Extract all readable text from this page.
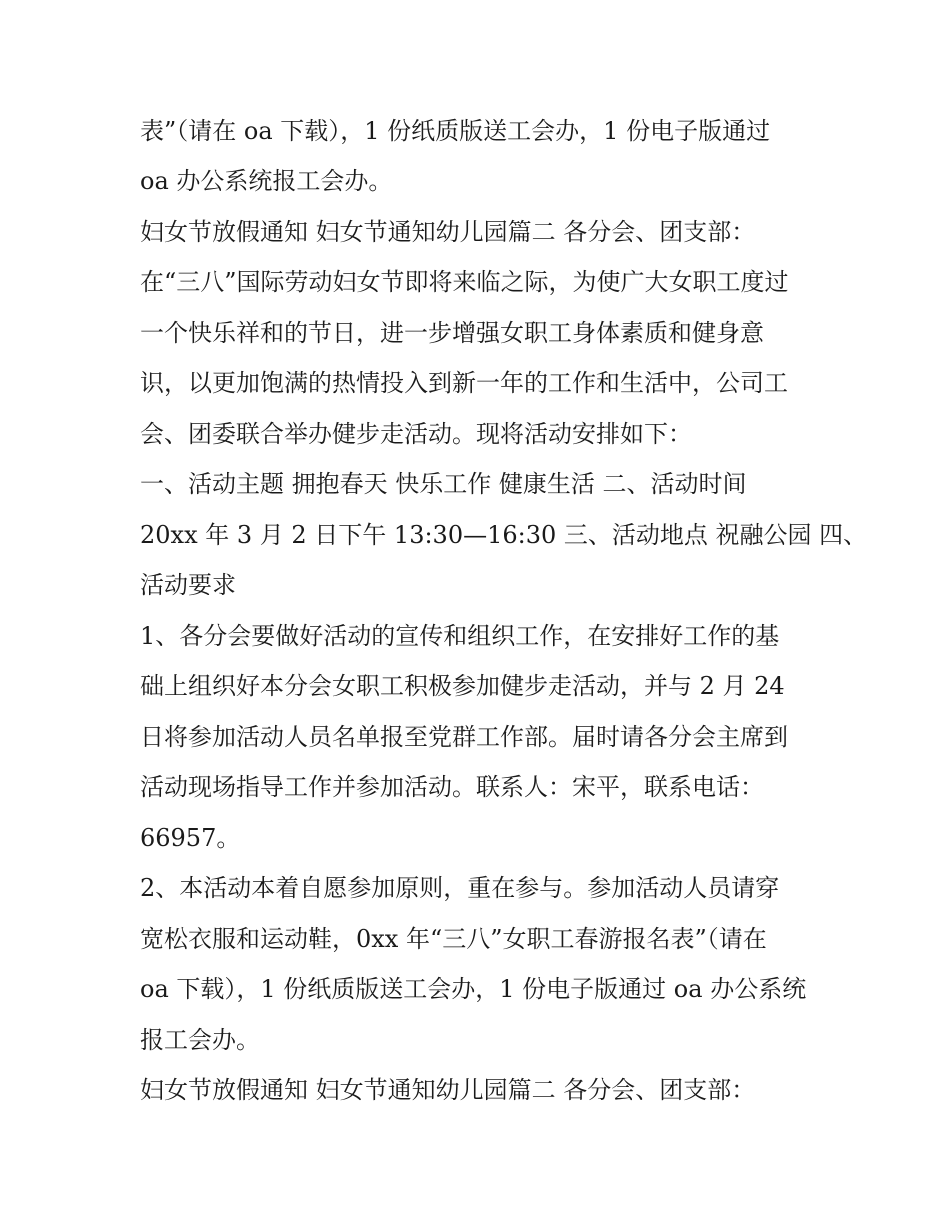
表”（请在 oa 下载），1 份纸质版送工会办，1 份电子版通过
oa 办公系统报工会办。
妇女节放假通知 妇女节通知幼儿园篇二 各分会、团支部：
在“三八”国际劳动妇女节即将来临之际，为使广大女职工度过
一个快乐祥和的节日，进一步增强女职工身体素质和健身意
识，以更加饱满的热情投入到新一年的工作和生活中，公司工
会、团委联合举办健步走活动。现将活动安排如下：
一、活动主题 拥抱春天 快乐工作 健康生活 二、活动时间
20xx 年 3 月 2 日下午 13:30—16:30 三、活动地点 祝融公园 四、
活动要求
1、各分会要做好活动的宣传和组织工作，在安排好工作的基
础上组织好本分会女职工积极参加健步走活动，并与 2 月 24
日将参加活动人员名单报至党群工作部。届时请各分会主席到
活动现场指导工作并参加活动。联系人：宋平，联系电话：
66957。
2、本活动本着自愿参加原则，重在参与。参加活动人员请穿
宽松衣服和运动鞋，0xx 年“三八”女职工春游报名表”（请在
oa 下载），1 份纸质版送工会办，1 份电子版通过 oa 办公系统
报工会办。
妇女节放假通知 妇女节通知幼儿园篇二 各分会、团支部：
